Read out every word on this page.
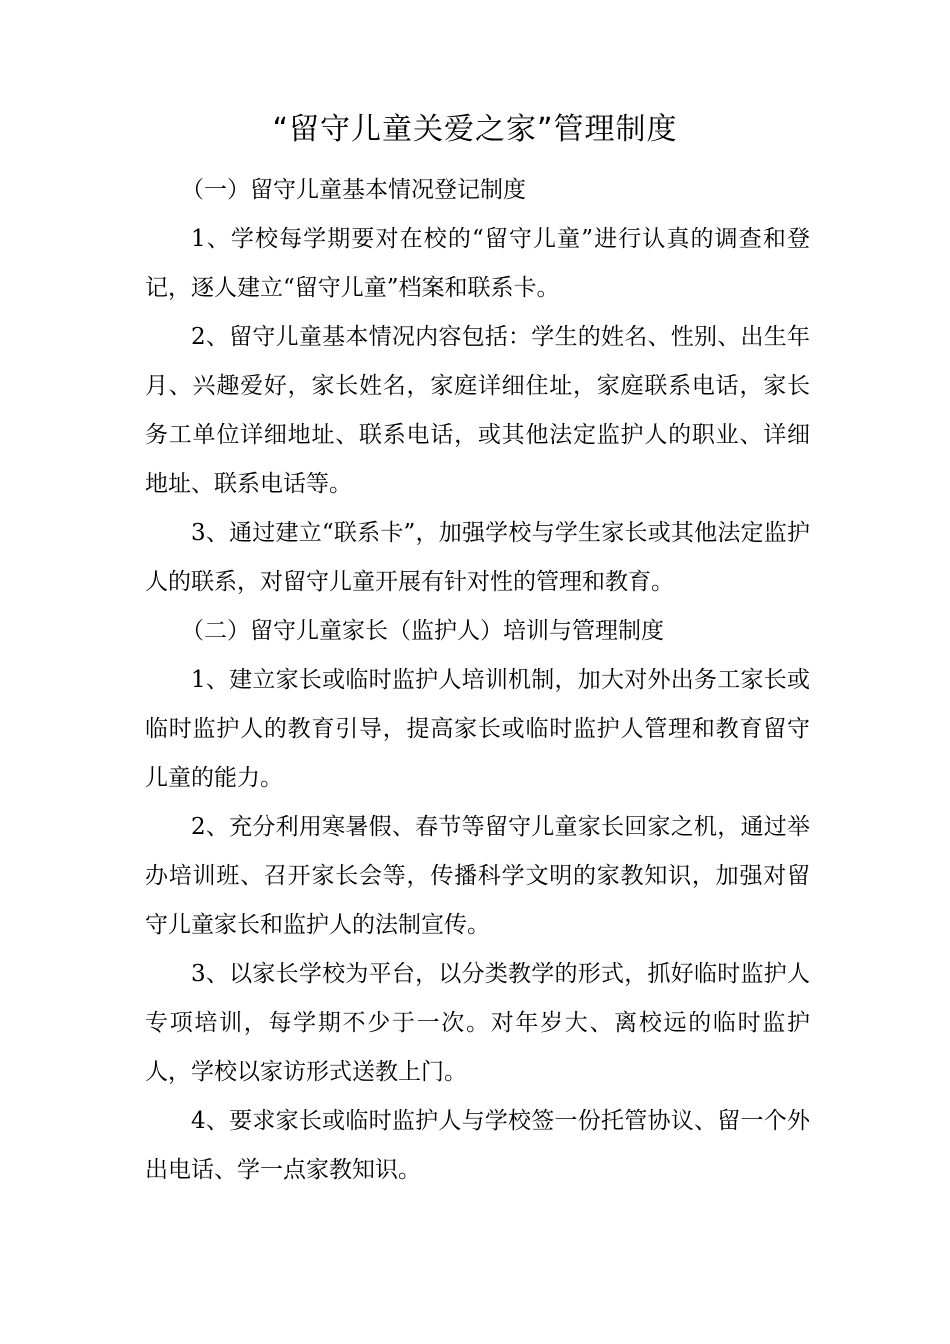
“留守儿童关爱之家”管理制度

（一）留守儿童基本情况登记制度

1、学校每学期要对在校的“留守儿童”进行认真的调查和登记，逐人建立“留守儿童”档案和联系卡。

2、留守儿童基本情况内容包括：学生的姓名、性别、出生年月、兴趣爱好，家长姓名，家庭详细住址，家庭联系电话，家长务工单位详细地址、联系电话，或其他法定监护人的职业、详细地址、联系电话等。

3、通过建立“联系卡”，加强学校与学生家长或其他法定监护人的联系，对留守儿童开展有针对性的管理和教育。

（二）留守儿童家长（监护人）培训与管理制度

1、建立家长或临时监护人培训机制，加大对外出务工家长或临时监护人的教育引导，提高家长或临时监护人管理和教育留守儿童的能力。

2、充分利用寒暑假、春节等留守儿童家长回家之机，通过举办培训班、召开家长会等，传播科学文明的家教知识，加强对留守儿童家长和监护人的法制宣传。

3、以家长学校为平台，以分类教学的形式，抓好临时监护人专项培训，每学期不少于一次。对年岁大、离校远的临时监护人，学校以家访形式送教上门。

4、要求家长或临时监护人与学校签一份托管协议、留一个外出电话、学一点家教知识。
